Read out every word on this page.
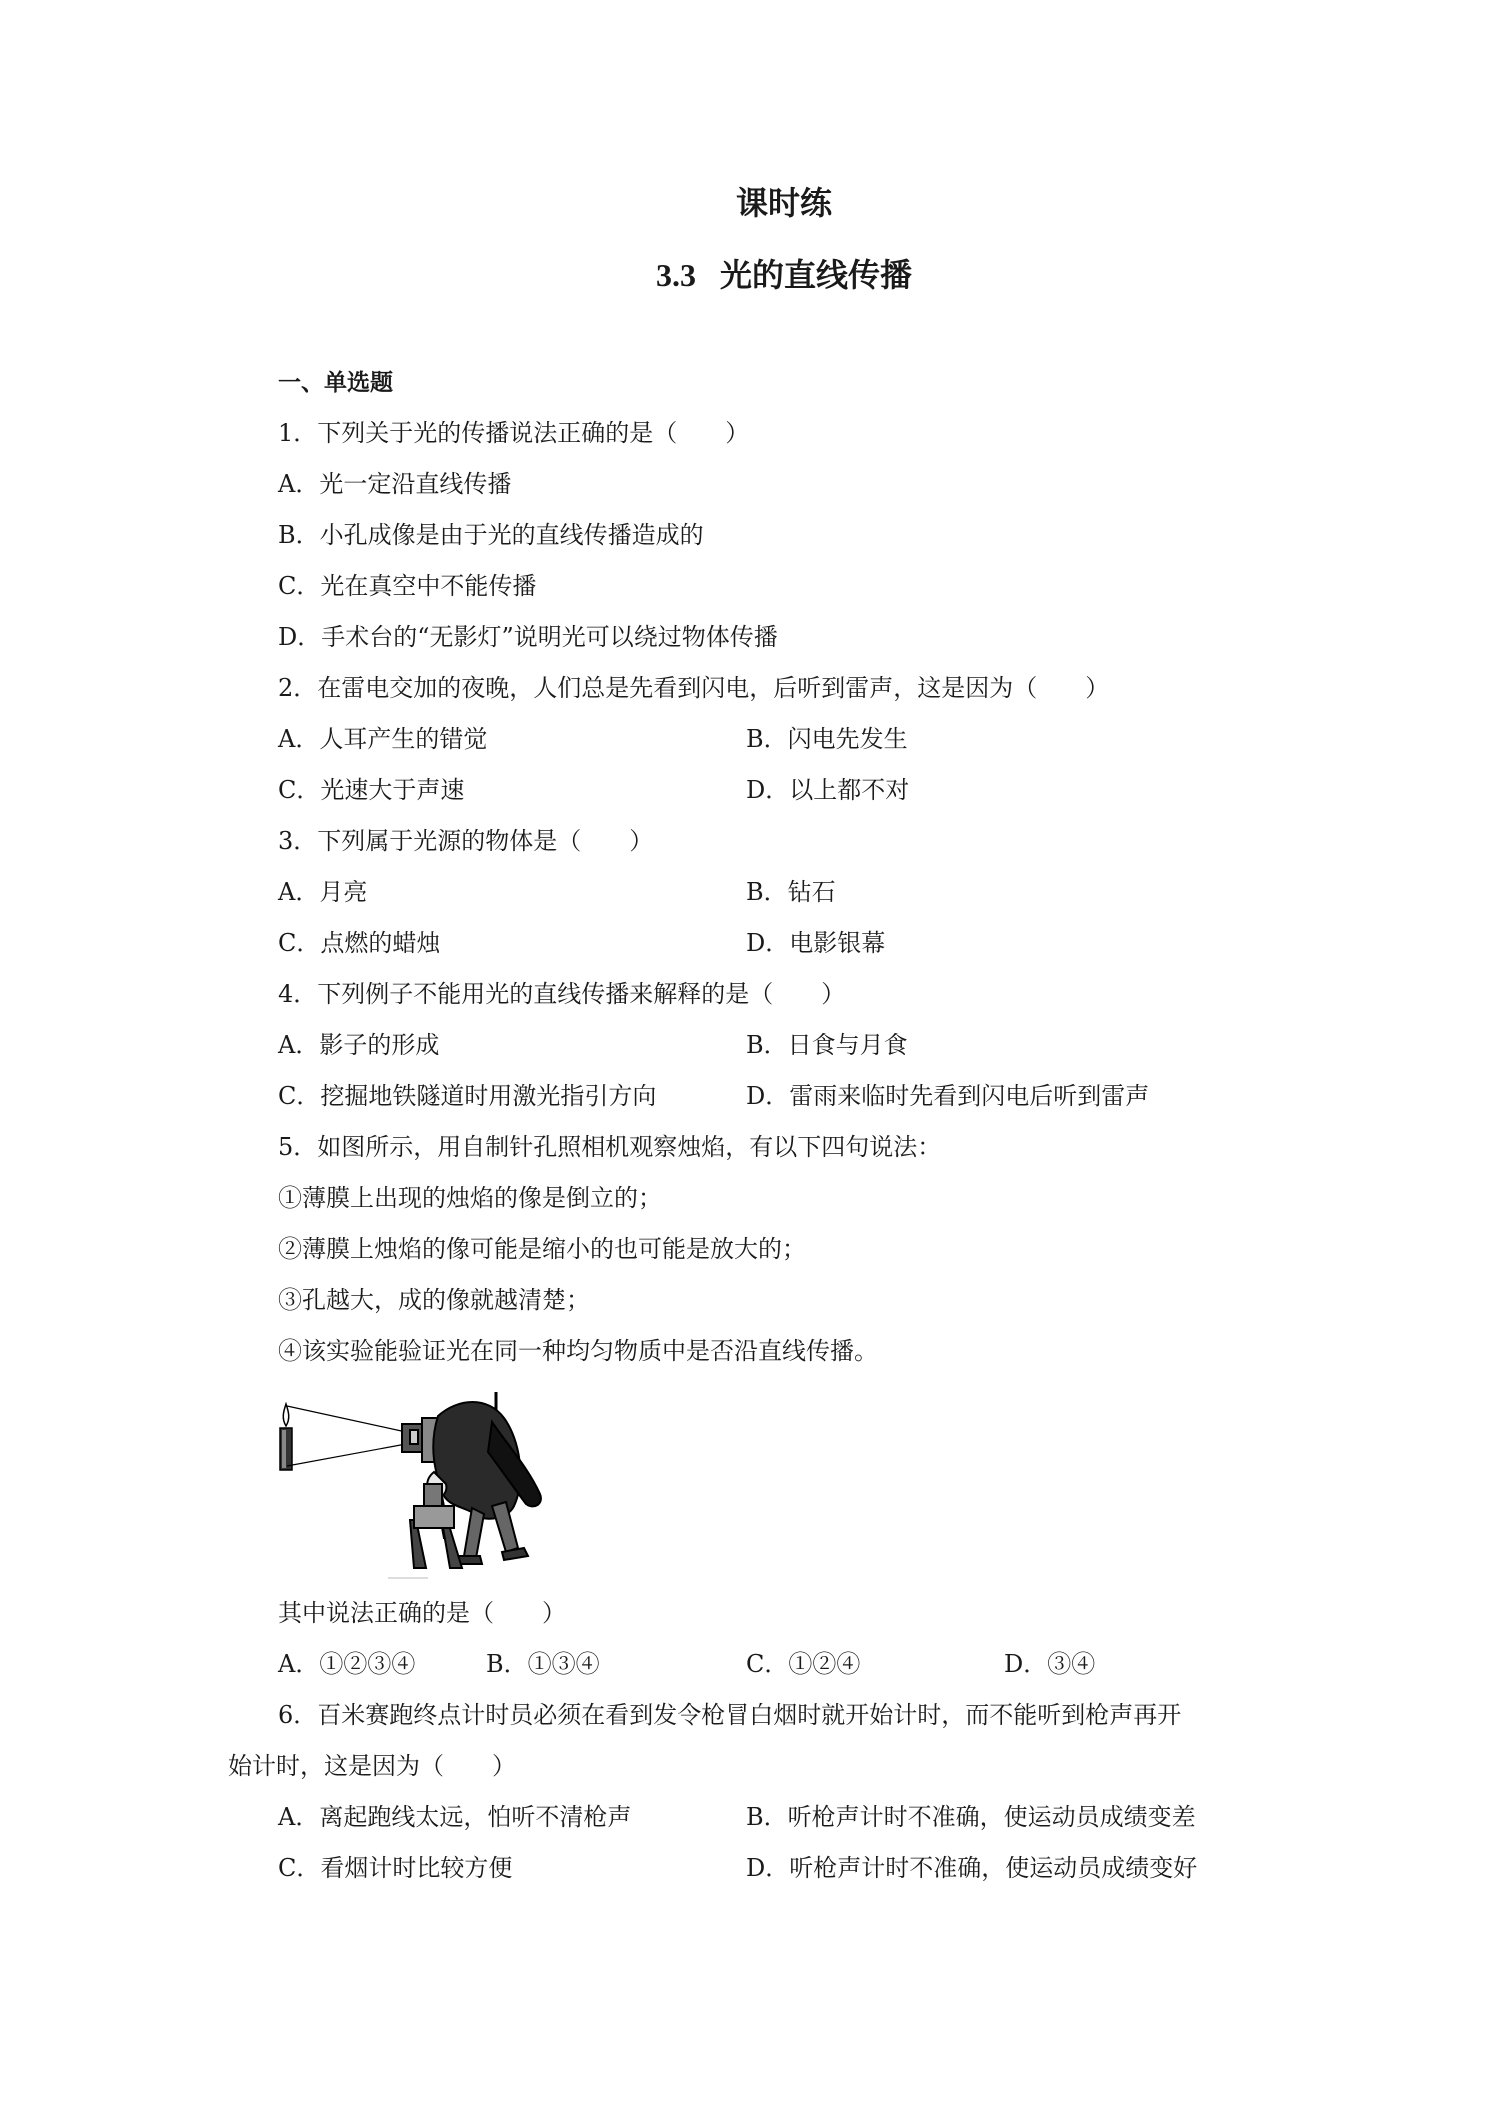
课时练
3.3 光的直线传播
一、单选题
1．下列关于光的传播说法正确的是（　　）
A．光一定沿直线传播
B．小孔成像是由于光的直线传播造成的
C．光在真空中不能传播
D．手术台的“无影灯”说明光可以绕过物体传播
2．在雷电交加的夜晚，人们总是先看到闪电，后听到雷声，这是因为（　　）
A．人耳产生的错觉	B．闪电先发生
C．光速大于声速	D．以上都不对
3．下列属于光源的物体是（　　）
A．月亮	B．钻石
C．点燃的蜡烛	D．电影银幕
4．下列例子不能用光的直线传播来解释的是（　　）
A．影子的形成	B．日食与月食
C．挖掘地铁隧道时用激光指引方向	D．雷雨来临时先看到闪电后听到雷声
5．如图所示，用自制针孔照相机观察烛焰，有以下四句说法：
①薄膜上出现的烛焰的像是倒立的；
②薄膜上烛焰的像可能是缩小的也可能是放大的；
③孔越大，成的像就越清楚；
④该实验能验证光在同一种均匀物质中是否沿直线传播。
其中说法正确的是（　　）
A．①②③④	B．①③④	C．①②④	D．③④
6．百米赛跑终点计时员必须在看到发令枪冒白烟时就开始计时，而不能听到枪声再开
始计时，这是因为（　　）
A．离起跑线太远，怕听不清枪声	B．听枪声计时不准确，使运动员成绩变差
C．看烟计时比较方便	D．听枪声计时不准确，使运动员成绩变好
